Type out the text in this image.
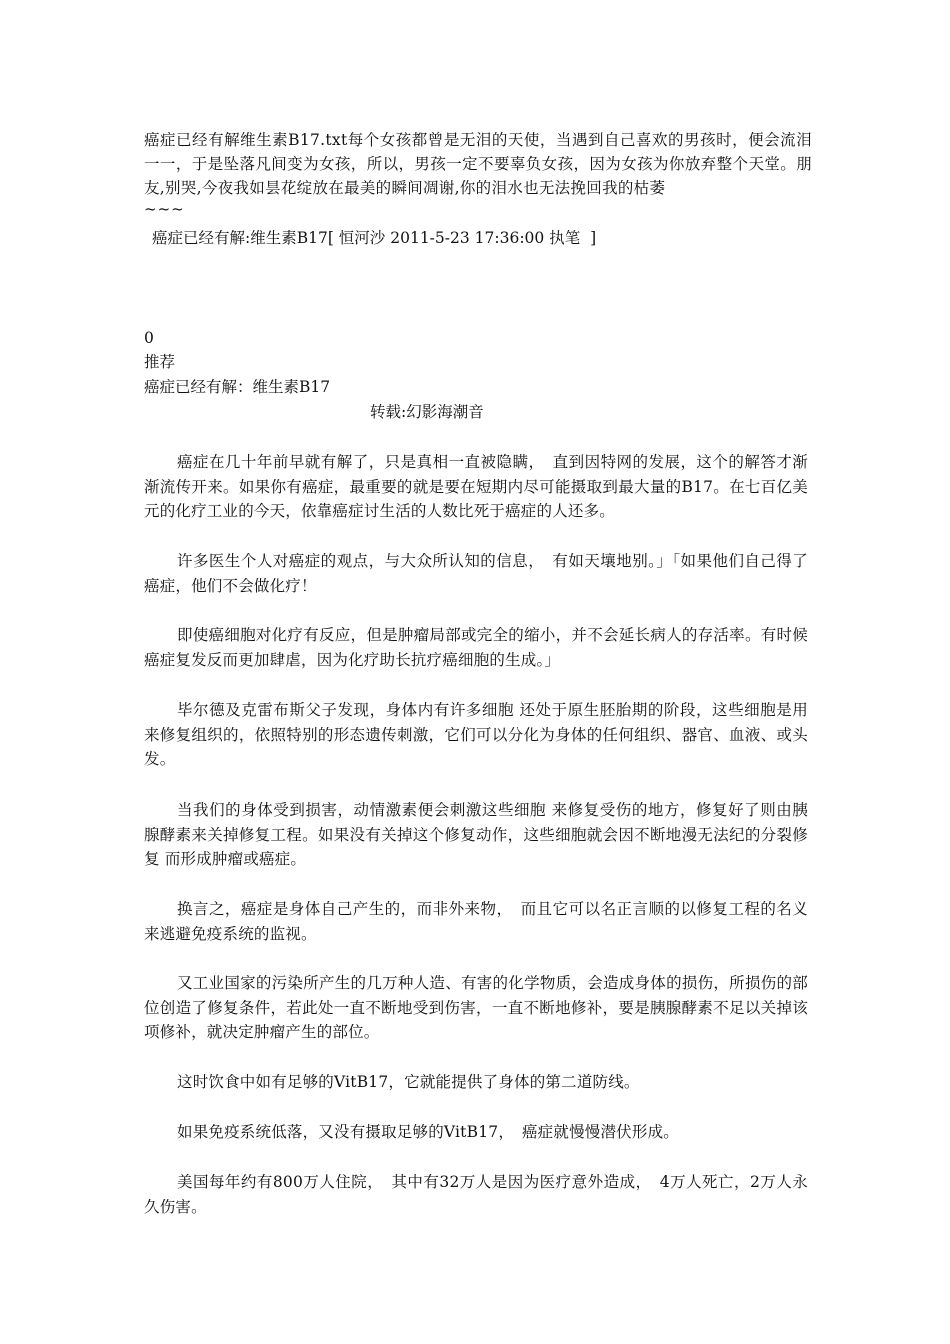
癌症已经有解维生素B17.txt每个女孩都曾是无泪的天使，当遇到自己喜欢的男孩时，便会流泪一一，于是坠落凡间变为女孩，所以，男孩一定不要辜负女孩，因为女孩为你放弃整个天堂。朋友,别哭,今夜我如昙花绽放在最美的瞬间凋谢,你的泪水也无法挽回我的枯萎
~~~
癌症已经有解:维生素B17[ 恒河沙 2011-5-23 17:36:00 执笔  ]
0
推荐
癌症已经有解：维生素B17
转载:幻影海潮音

癌症在几十年前早就有解了，只是真相一直被隐瞒，　直到因特网的发展，这个的解答才渐渐流传开来。如果你有癌症，最重要的就是要在短期内尽可能摄取到最大量的B17。在七百亿美元的化疗工业的今天，依靠癌症讨生活的人数比死于癌症的人还多。

许多医生个人对癌症的观点，与大众所认知的信息，　有如天壤地别。」「如果他们自己得了癌症，他们不会做化疗！

即使癌细胞对化疗有反应，但是肿瘤局部或完全的缩小，并不会延长病人的存活率。有时候癌症复发反而更加肆虐，因为化疗助长抗疗癌细胞的生成。」

毕尔德及克雷布斯父子发现，身体内有许多细胞 还处于原生胚胎期的阶段，这些细胞是用来修复组织的，依照特别的形态遗传刺激，它们可以分化为身体的任何组织、器官、血液、或头发。

当我们的身体受到损害，动情激素便会刺激这些细胞 来修复受伤的地方，修复好了则由胰腺酵素来关掉修复工程。如果没有关掉这个修复动作，这些细胞就会因不断地漫无法纪的分裂修复 而形成肿瘤或癌症。

换言之，癌症是身体自己产生的，而非外来物，　而且它可以名正言顺的以修复工程的名义来逃避免疫系统的监视。

又工业国家的污染所产生的几万种人造、有害的化学物质，会造成身体的损伤，所损伤的部位创造了修复条件，若此处一直不断地受到伤害，一直不断地修补，要是胰腺酵素不足以关掉该项修补，就决定肿瘤产生的部位。

这时饮食中如有足够的VitB17，它就能提供了身体的第二道防线。

如果免疫系统低落，又没有摄取足够的VitB17，　癌症就慢慢潜伏形成。

美国每年约有800万人住院，　其中有32万人是因为医疗意外造成，　4万人死亡，2万人永久伤害。
